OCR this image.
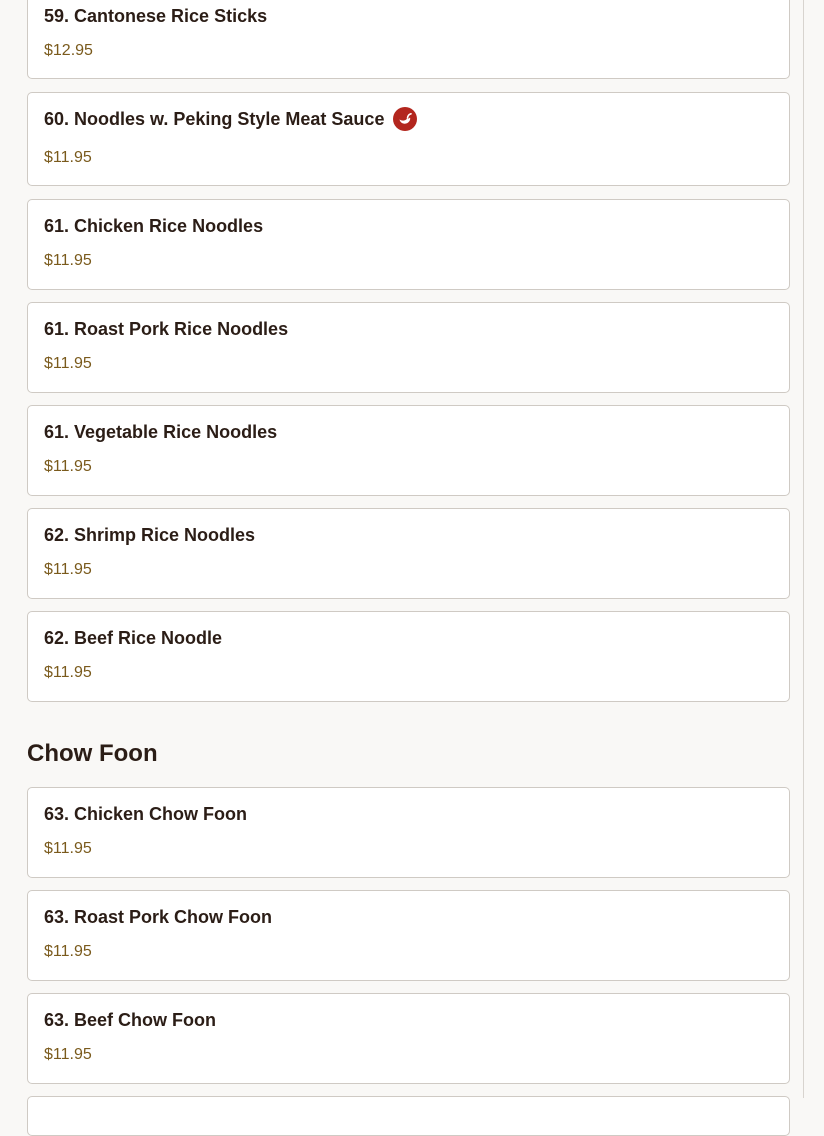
59. Cantonese Rice Sticks
$12.95
60. Noodles w. Peking Style Meat Sauce
$11.95
61. Chicken Rice Noodles
$11.95
61. Roast Pork Rice Noodles
$11.95
61. Vegetable Rice Noodles
$11.95
62. Shrimp Rice Noodles
$11.95
62. Beef Rice Noodle
$11.95
Chow Foon
63. Chicken Chow Foon
$11.95
63. Roast Pork Chow Foon
$11.95
63. Beef Chow Foon
$11.95
